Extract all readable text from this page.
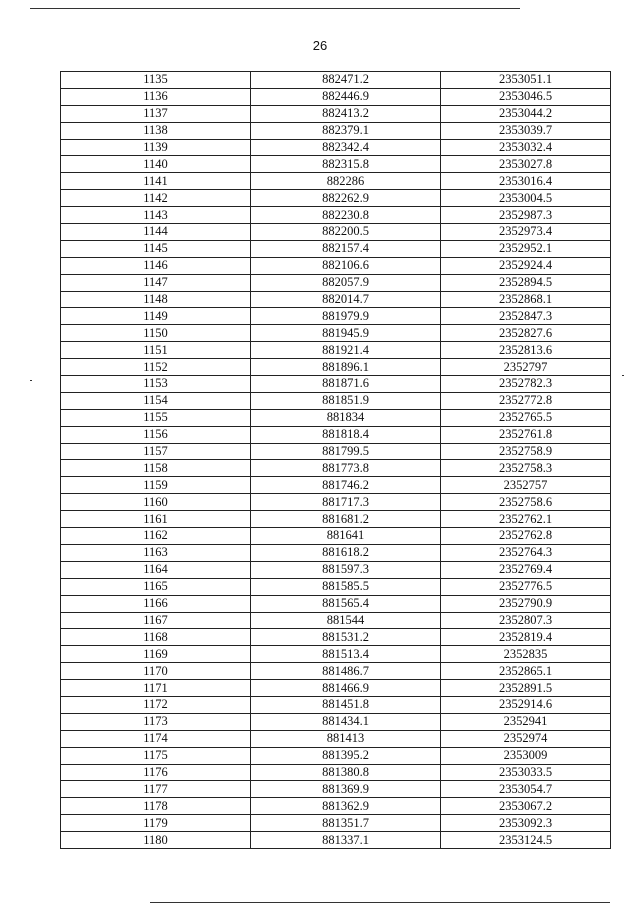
26
1135	882471.2	2353051.1
1136	882446.9	2353046.5
1137	882413.2	2353044.2
1138	882379.1	2353039.7
1139	882342.4	2353032.4
1140	882315.8	2353027.8
1141	882286	2353016.4
1142	882262.9	2353004.5
1143	882230.8	2352987.3
1144	882200.5	2352973.4
1145	882157.4	2352952.1
1146	882106.6	2352924.4
1147	882057.9	2352894.5
1148	882014.7	2352868.1
1149	881979.9	2352847.3
1150	881945.9	2352827.6
1151	881921.4	2352813.6
1152	881896.1	2352797
1153	881871.6	2352782.3
1154	881851.9	2352772.8
1155	881834	2352765.5
1156	881818.4	2352761.8
1157	881799.5	2352758.9
1158	881773.8	2352758.3
1159	881746.2	2352757
1160	881717.3	2352758.6
1161	881681.2	2352762.1
1162	881641	2352762.8
1163	881618.2	2352764.3
1164	881597.3	2352769.4
1165	881585.5	2352776.5
1166	881565.4	2352790.9
1167	881544	2352807.3
1168	881531.2	2352819.4
1169	881513.4	2352835
1170	881486.7	2352865.1
1171	881466.9	2352891.5
1172	881451.8	2352914.6
1173	881434.1	2352941
1174	881413	2352974
1175	881395.2	2353009
1176	881380.8	2353033.5
1177	881369.9	2353054.7
1178	881362.9	2353067.2
1179	881351.7	2353092.3
1180	881337.1	2353124.5
